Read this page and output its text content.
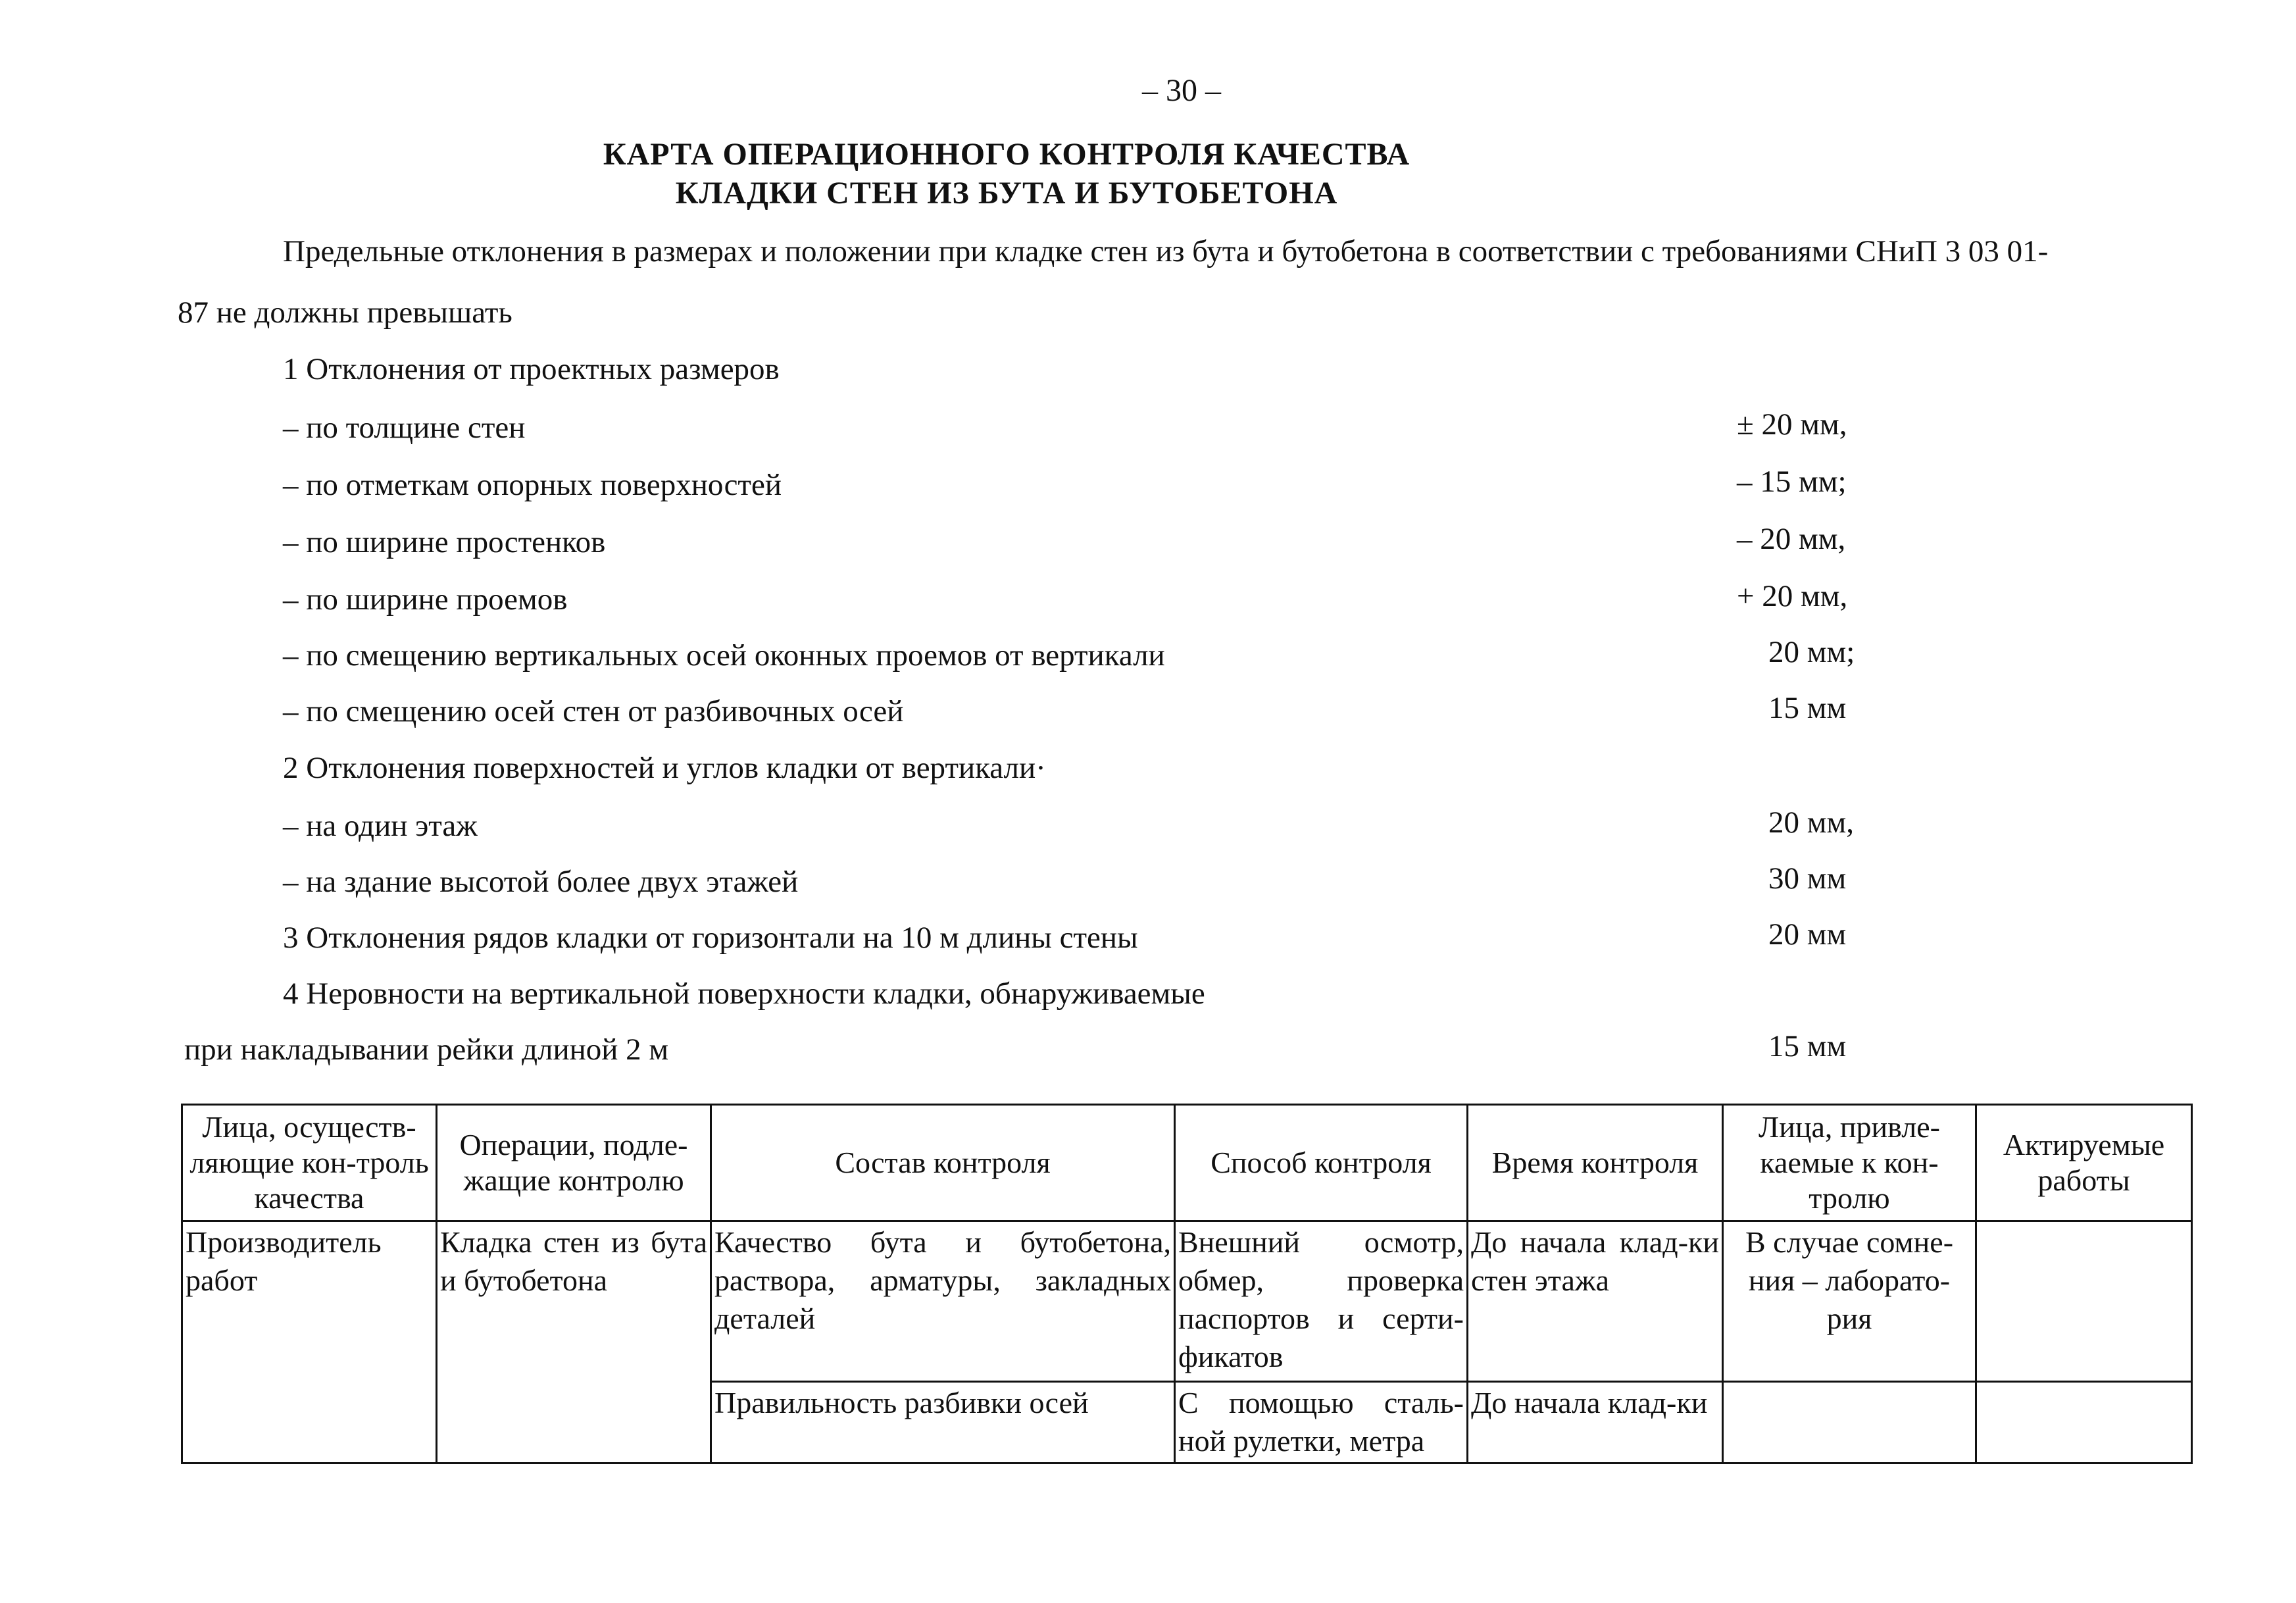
– 30 –
КАРТА ОПЕРАЦИОННОГО КОНТРОЛЯ КАЧЕСТВА
КЛАДКИ СТЕН ИЗ БУТА И БУТОБЕТОНА
Предельные отклонения в размерах и положении при кладке стен из бута и бутобетона в соответствии с требованиями СНиП 3 03 01-
87 не должны превышать
1 Отклонения от проектных размеров
– по толщине стен	± 20 мм,
– по отметкам опорных поверхностей	– 15 мм;
– по ширине простенков	– 20 мм,
– по ширине проемов	+ 20 мм,
– по смещению вертикальных осей оконных проемов от вертикали	20 мм;
– по смещению осей стен от разбивочных осей	15 мм
2 Отклонения поверхностей и углов кладки от вертикали·
– на один этаж	20 мм,
– на здание высотой более двух этажей	30 мм
3 Отклонения рядов кладки от горизонтали на 10 м длины стены	20 мм
4 Неровности на вертикальной поверхности кладки, обнаруживаемые
при накладывании рейки длиной 2 м	15 мм
Лица, осуществ-ляющие кон-троль качества	Операции, подле-жащие контролю	Состав контроля	Способ контроля	Время контроля	Лица, привле-каемые к кон-тролю	Актируемые работы
Производитель работ	Кладка стен из бута и бутобетона	Качество бута и бутобетона, раствора, арматуры, закладных деталей	Внешний осмотр, обмер, проверка паспортов и серти-фикатов	До начала клад-ки стен этажа	В случае сомне-ния – лаборато-рия	
		Правильность разбивки осей	С помощью сталь-ной рулетки, метра	До начала клад-ки		
